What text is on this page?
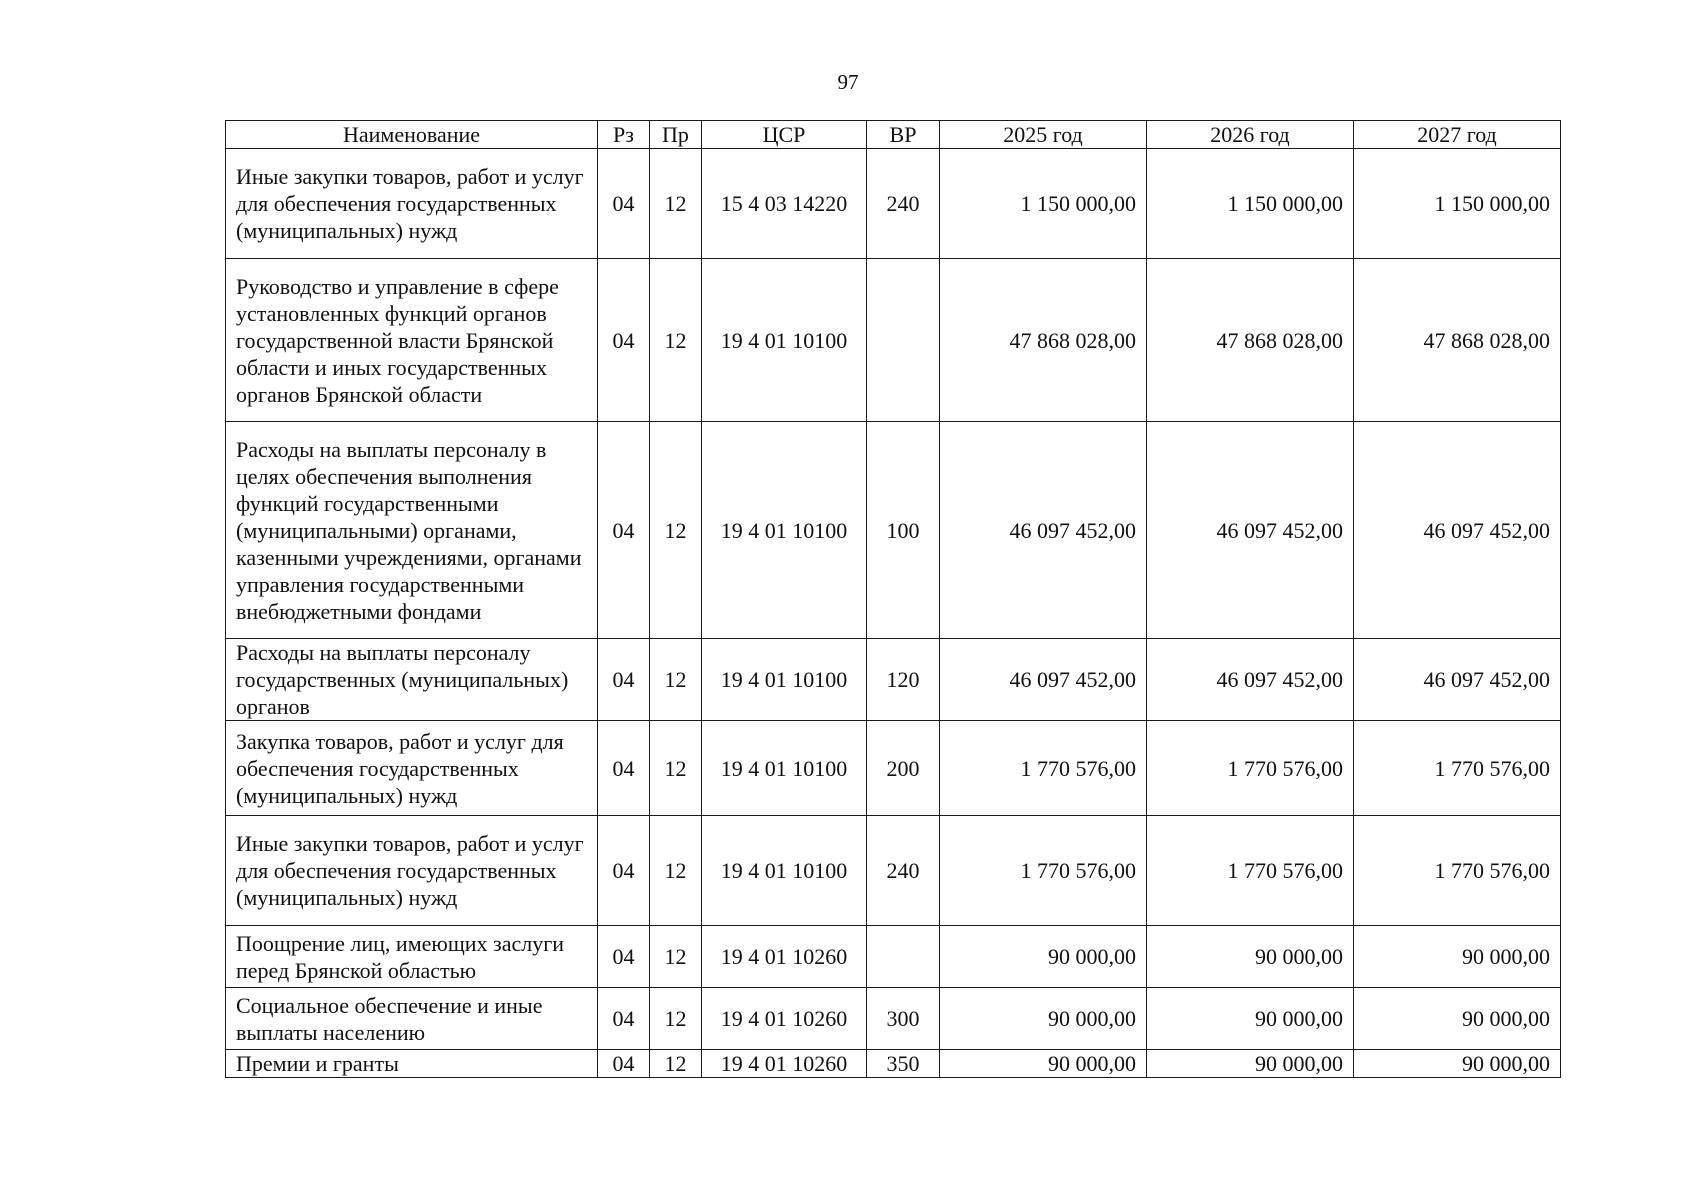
97
Наименование	Рз	Пр	ЦСР	ВР	2025 год	2026 год	2027 год
Иные закупки товаров, работ и услуг для обеспечения государственных (муниципальных) нужд	04	12	15 4 03 14220	240	1 150 000,00	1 150 000,00	1 150 000,00
Руководство и управление в сфере установленных функций органов государственной власти Брянской области и иных государственных органов Брянской области	04	12	19 4 01 10100		47 868 028,00	47 868 028,00	47 868 028,00
Расходы на выплаты персоналу в целях обеспечения выполнения функций государственными (муниципальными) органами, казенными учреждениями, органами управления государственными внебюджетными фондами	04	12	19 4 01 10100	100	46 097 452,00	46 097 452,00	46 097 452,00
Расходы на выплаты персоналу государственных (муниципальных) органов	04	12	19 4 01 10100	120	46 097 452,00	46 097 452,00	46 097 452,00
Закупка товаров, работ и услуг для обеспечения государственных (муниципальных) нужд	04	12	19 4 01 10100	200	1 770 576,00	1 770 576,00	1 770 576,00
Иные закупки товаров, работ и услуг для обеспечения государственных (муниципальных) нужд	04	12	19 4 01 10100	240	1 770 576,00	1 770 576,00	1 770 576,00
Поощрение лиц, имеющих заслуги перед Брянской областью	04	12	19 4 01 10260		90 000,00	90 000,00	90 000,00
Социальное обеспечение и иные выплаты населению	04	12	19 4 01 10260	300	90 000,00	90 000,00	90 000,00
Премии и гранты	04	12	19 4 01 10260	350	90 000,00	90 000,00	90 000,00
